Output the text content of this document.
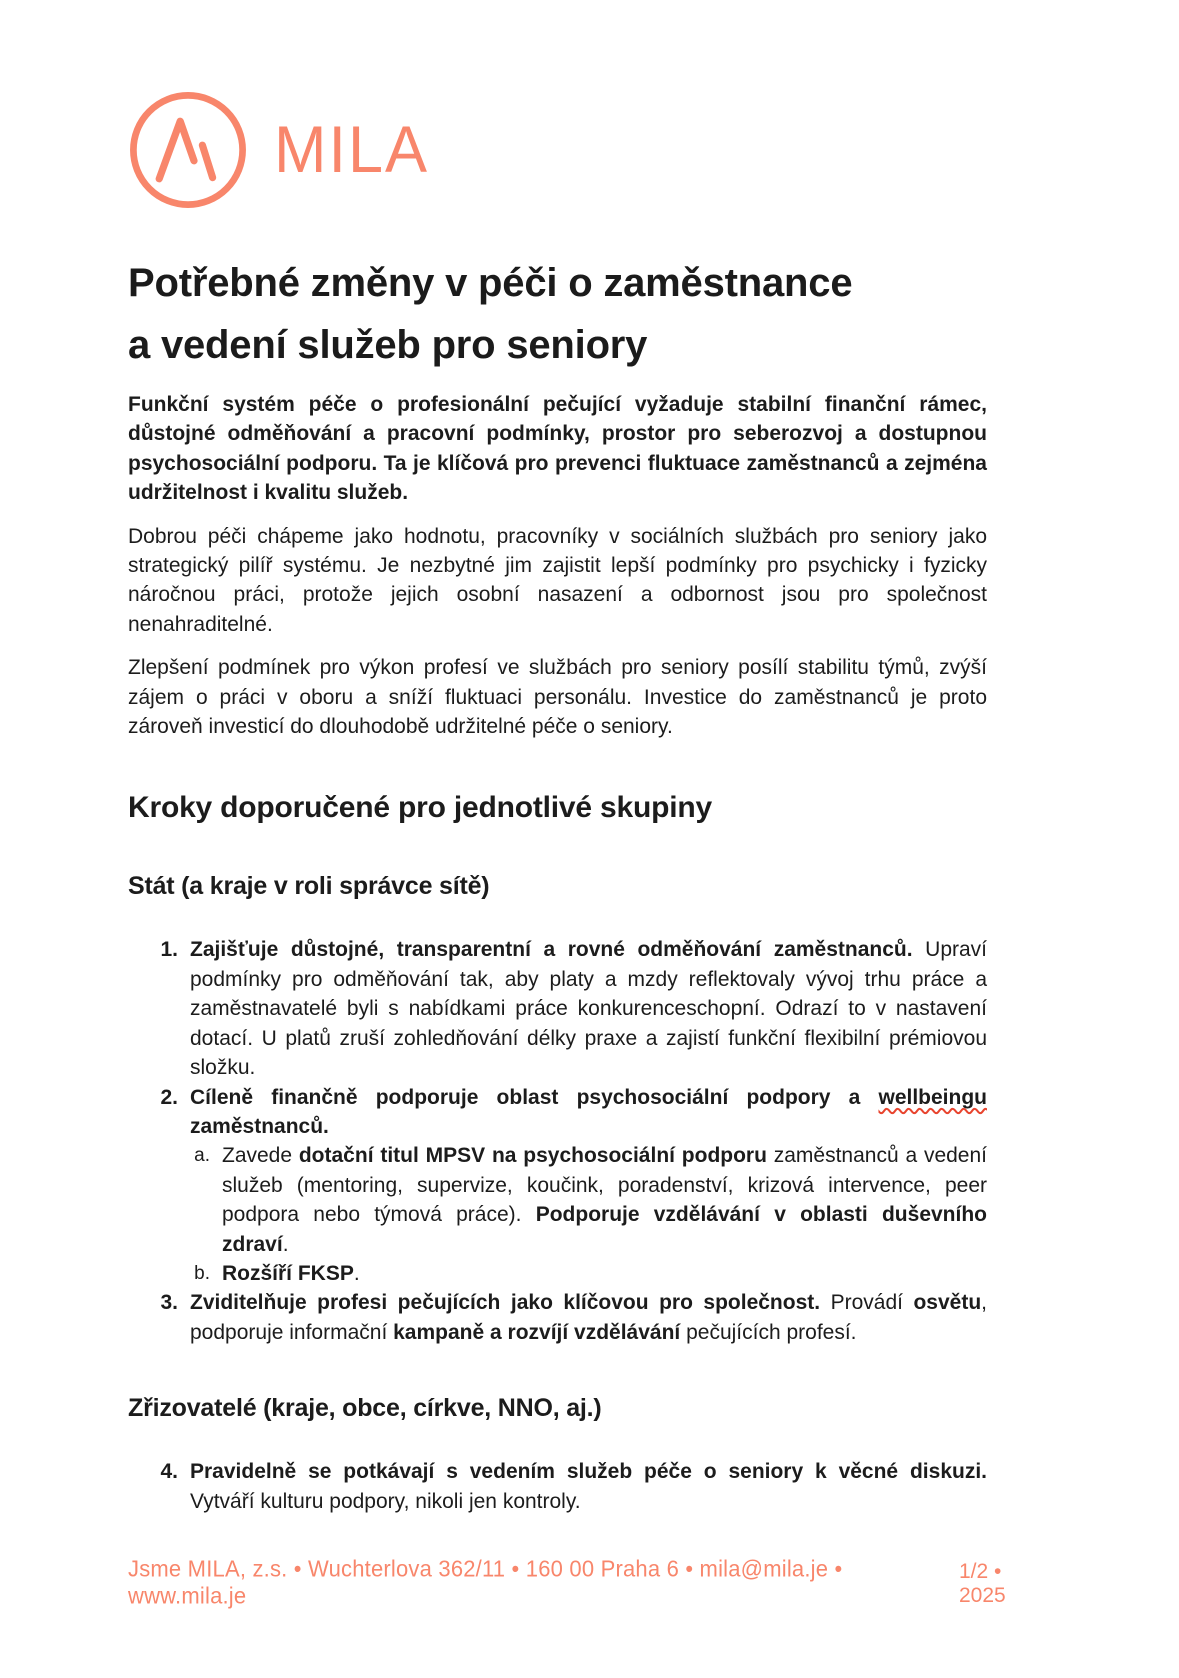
MILA
Potřebné změny v péči o zaměstnance
a vedení služeb pro seniory

Funkční systém péče o profesionální pečující vyžaduje stabilní finanční rámec, důstojné odměňování a pracovní podmínky, prostor pro seberozvoj a dostupnou psychosociální podporu. Ta je klíčová pro prevenci fluktuace zaměstnanců a zejména udržitelnost i kvalitu služeb.

Dobrou péči chápeme jako hodnotu, pracovníky v sociálních službách pro seniory jako strategický pilíř systému. Je nezbytné jim zajistit lepší podmínky pro psychicky i fyzicky náročnou práci, protože jejich osobní nasazení a odbornost jsou pro společnost nenahraditelné.

Zlepšení podmínek pro výkon profesí ve službách pro seniory posílí stabilitu týmů, zvýší zájem o práci v oboru a sníží fluktuaci personálu. Investice do zaměstnanců je proto zároveň investicí do dlouhodobě udržitelné péče o seniory.

Kroky doporučené pro jednotlivé skupiny
Stát (a kraje v roli správce sítě)
1. Zajišťuje důstojné, transparentní a rovné odměňování zaměstnanců. Upraví podmínky pro odměňování tak, aby platy a mzdy reflektovaly vývoj trhu práce a zaměstnavatelé byli s nabídkami práce konkurenceschopní. Odrazí to v nastavení dotací. U platů zruší zohledňování délky praxe a zajistí funkční flexibilní prémiovou složku.
2. Cíleně finančně podporuje oblast psychosociální podpory a wellbeingu zaměstnanců.
a. Zavede dotační titul MPSV na psychosociální podporu zaměstnanců a vedení služeb (mentoring, supervize, koučink, poradenství, krizová intervence, peer podpora nebo týmová práce). Podporuje vzdělávání v oblasti duševního zdraví.
b. Rozšíří FKSP.
3. Zviditelňuje profesi pečujících jako klíčovou pro společnost. Provádí osvětu, podporuje informační kampaně a rozvíjí vzdělávání pečujících profesí.
Zřizovatelé (kraje, obce, církve, NNO, aj.)
4. Pravidelně se potkávají s vedením služeb péče o seniory k věcné diskuzi. Vytváří kulturu podpory, nikoli jen kontroly.
Jsme MILA, z.s. • Wuchterlova 362/11 • 160 00 Praha 6 • mila@mila.je • www.mila.je
1/2 • 2025
